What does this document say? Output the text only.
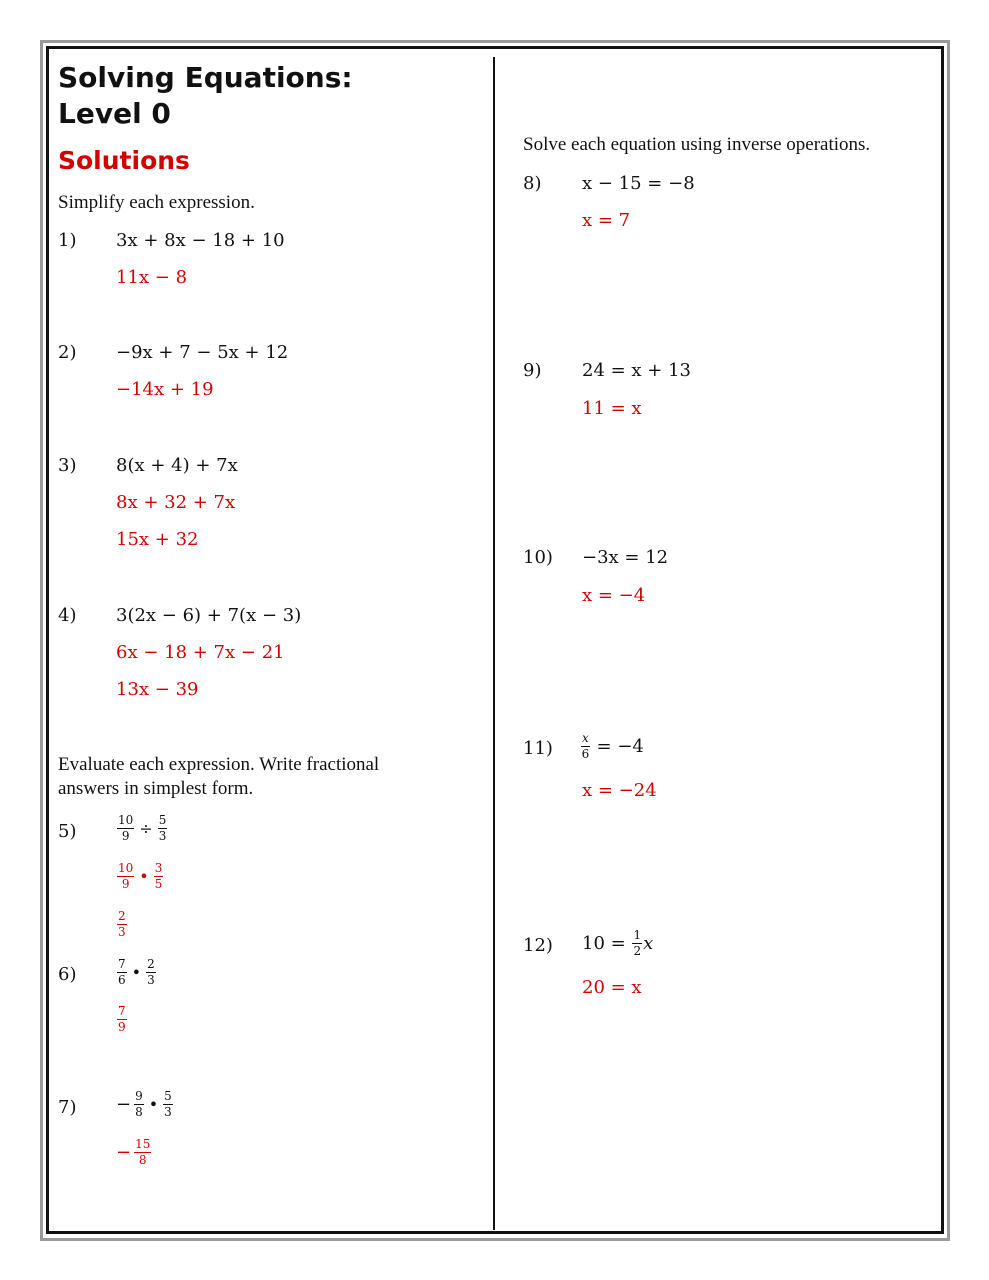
Solving Equations:
Level 0
Solutions
Simplify each expression.
1) 3x + 8x − 18 + 10
11x − 8
2) −9x + 7 − 5x + 12
−14x + 19
3) 8(x + 4) + 7x
8x + 32 + 7x
15x + 32
4) 3(2x − 6) + 7(x − 3)
6x − 18 + 7x − 21
13x − 39
Evaluate each expression. Write fractional
answers in simplest form.
5)	$\frac{10}{9} \div \frac{5}{3}$
$\frac{10}{9}$ • $\frac{3}{5}$
$\frac{2}{3}$
6)	$\frac{7}{6}$ • $\frac{2}{3}$
$\frac{7}{9}$
$7) - \frac{9}{8}$ • $\frac{5}{3}$
− $\frac{15}{8}$
Solve each equation using inverse operations.
8) x − 15 = −8
x = 7
9) 24 = x + 13
11 = x
10) −3x = 12
x = −4
$11) \frac{x}{6} = -4$
x = −24
12) $10 = \frac{1}{2}$ x
20 = x
